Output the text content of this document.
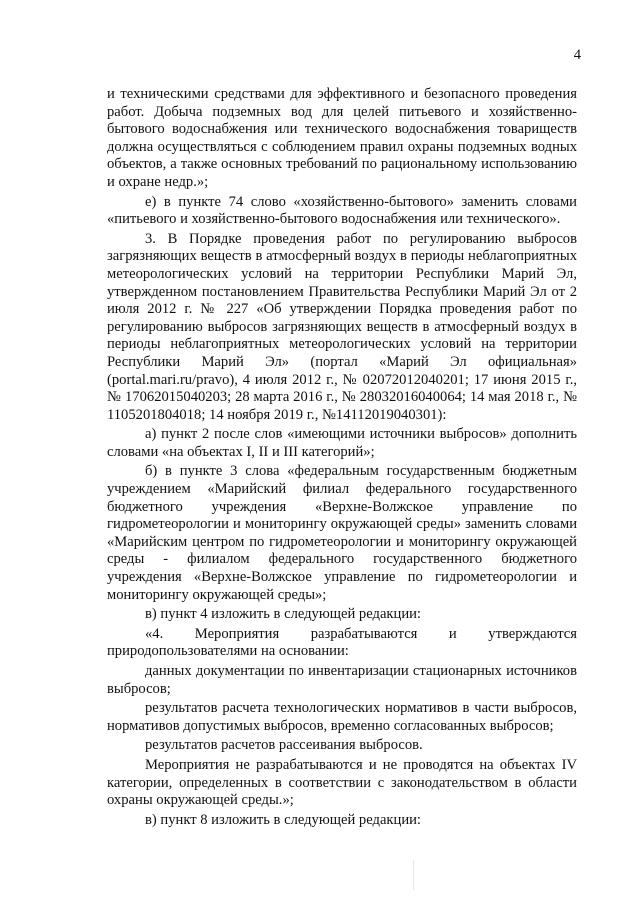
4

и техническими средствами для эффективного и безопасного проведения работ. Добыча подземных вод для целей питьевого и хозяйственно-бытового водоснабжения или технического водоснабжения товариществ должна осуществляться с соблюдением правил охраны подземных водных объектов, а также основных требований по рациональному использованию и охране недр.»;

е) в пункте 74 слово «хозяйственно-бытового» заменить словами «питьевого и хозяйственно-бытового водоснабжения или технического».

3. В Порядке проведения работ по регулированию выбросов загрязняющих веществ в атмосферный воздух в периоды неблагоприятных метеорологических условий на территории Республики Марий Эл, утвержденном постановлением Правительства Республики Марий Эл от 2 июля 2012 г. № 227 «Об утверждении Порядка проведения работ по регулированию выбросов загрязняющих веществ в атмосферный воздух в периоды неблагоприятных метеорологических условий на территории Республики Марий Эл» (портал «Марий Эл официальная» (portal.mari.ru/pravo), 4 июля 2012 г., № 02072012040201; 17 июня 2015 г., № 17062015040203; 28 марта 2016 г., № 28032016040064; 14 мая 2018 г., № 1105201804018; 14 ноября 2019 г., №14112019040301):

а) пункт 2 после слов «имеющими источники выбросов» дополнить словами «на объектах I, II и III категорий»;

б) в пункте 3 слова «федеральным государственным бюджетным учреждением «Марийский филиал федерального государственного бюджетного учреждения «Верхне-Волжское управление по гидрометеорологии и мониторингу окружающей среды» заменить словами «Марийским центром по гидрометеорологии и мониторингу окружающей среды - филиалом федерального государственного бюджетного учреждения «Верхне-Волжское управление по гидрометеорологии и мониторингу окружающей среды»;

в) пункт 4 изложить в следующей редакции:

«4. Мероприятия разрабатываются и утверждаются природопользователями на основании:

данных документации по инвентаризации стационарных источников выбросов;

результатов расчета технологических нормативов в части выбросов, нормативов допустимых выбросов, временно согласованных выбросов;

результатов расчетов рассеивания выбросов.

Мероприятия не разрабатываются и не проводятся на объектах IV категории, определенных в соответствии с законодательством в области охраны окружающей среды.»;

в) пункт 8 изложить в следующей редакции:
